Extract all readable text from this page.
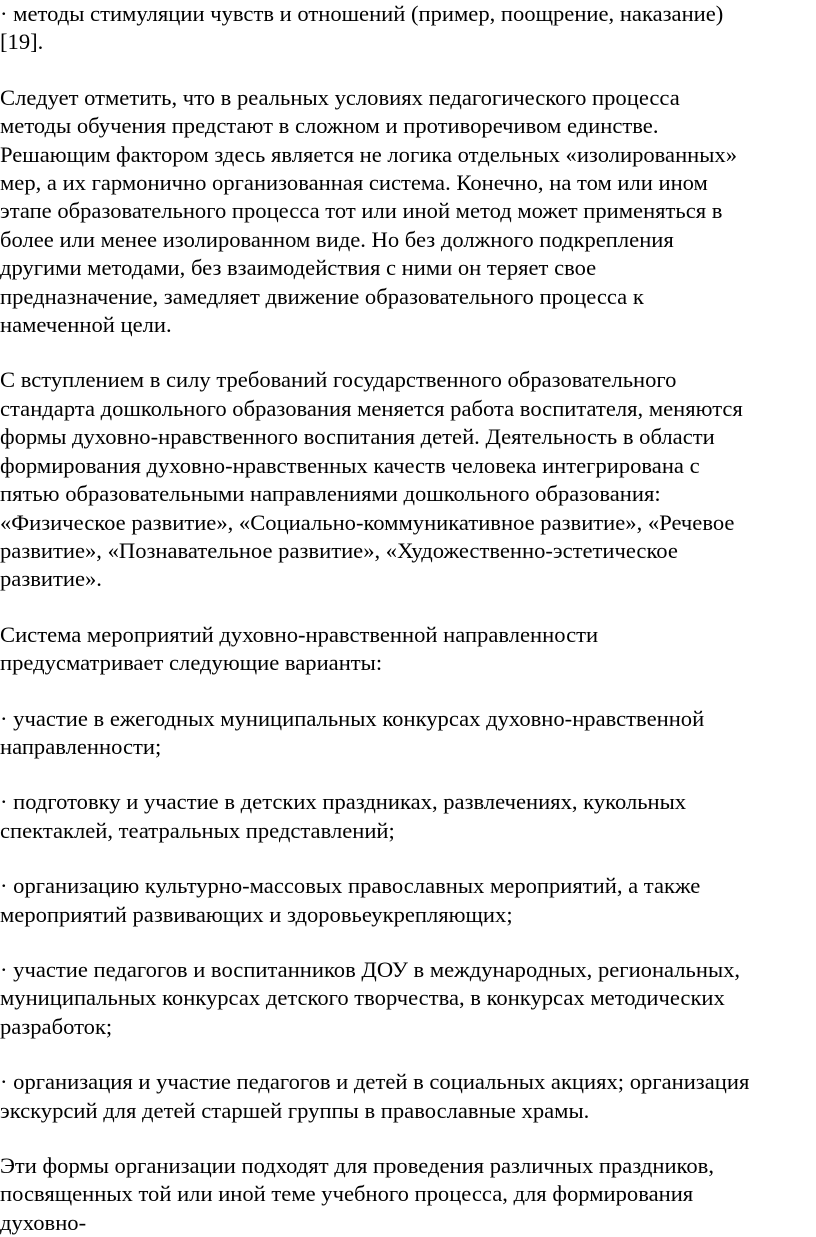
· методы стимуляции чувств и отношений (пример, поощрение, наказание)
[19].

Следует отметить, что в реальных условиях педагогического процесса
методы обучения предстают в сложном и противоречивом единстве.
Решающим фактором здесь является не логика отдельных «изолированных»
мер, а их гармонично организованная система. Конечно, на том или ином
этапе образовательного процесса тот или иной метод может применяться в
более или менее изолированном виде. Но без должного подкрепления
другими методами, без взаимодействия с ними он теряет свое
предназначение, замедляет движение образовательного процесса к
намеченной цели.

С вступлением в силу требований государственного образовательного
стандарта дошкольного образования меняется работа воспитателя, меняются
формы духовно-нравственного воспитания детей. Деятельность в области
формирования духовно-нравственных качеств человека интегрирована с
пятью образовательными направлениями дошкольного образования:
«Физическое развитие», «Социально-коммуникативное развитие», «Речевое
развитие», «Познавательное развитие», «Художественно-эстетическое
развитие».

Система мероприятий духовно-нравственной направленности
предусматривает следующие варианты:

· участие в ежегодных муниципальных конкурсах духовно-нравственной
направленности;

· подготовку и участие в детских праздниках, развлечениях, кукольных
спектаклей, театральных представлений;

· организацию культурно-массовых православных мероприятий, а также
мероприятий развивающих и здоровьеукрепляющих;

· участие педагогов и воспитанников ДОУ в международных, региональных,
муниципальных конкурсах детского творчества, в конкурсах методических
разработок;

· организация и участие педагогов и детей в социальных акциях; организация
экскурсий для детей старшей группы в православные храмы.

Эти формы организации подходят для проведения различных праздников,
посвященных той или иной теме учебного процесса, для формирования
духовно-
